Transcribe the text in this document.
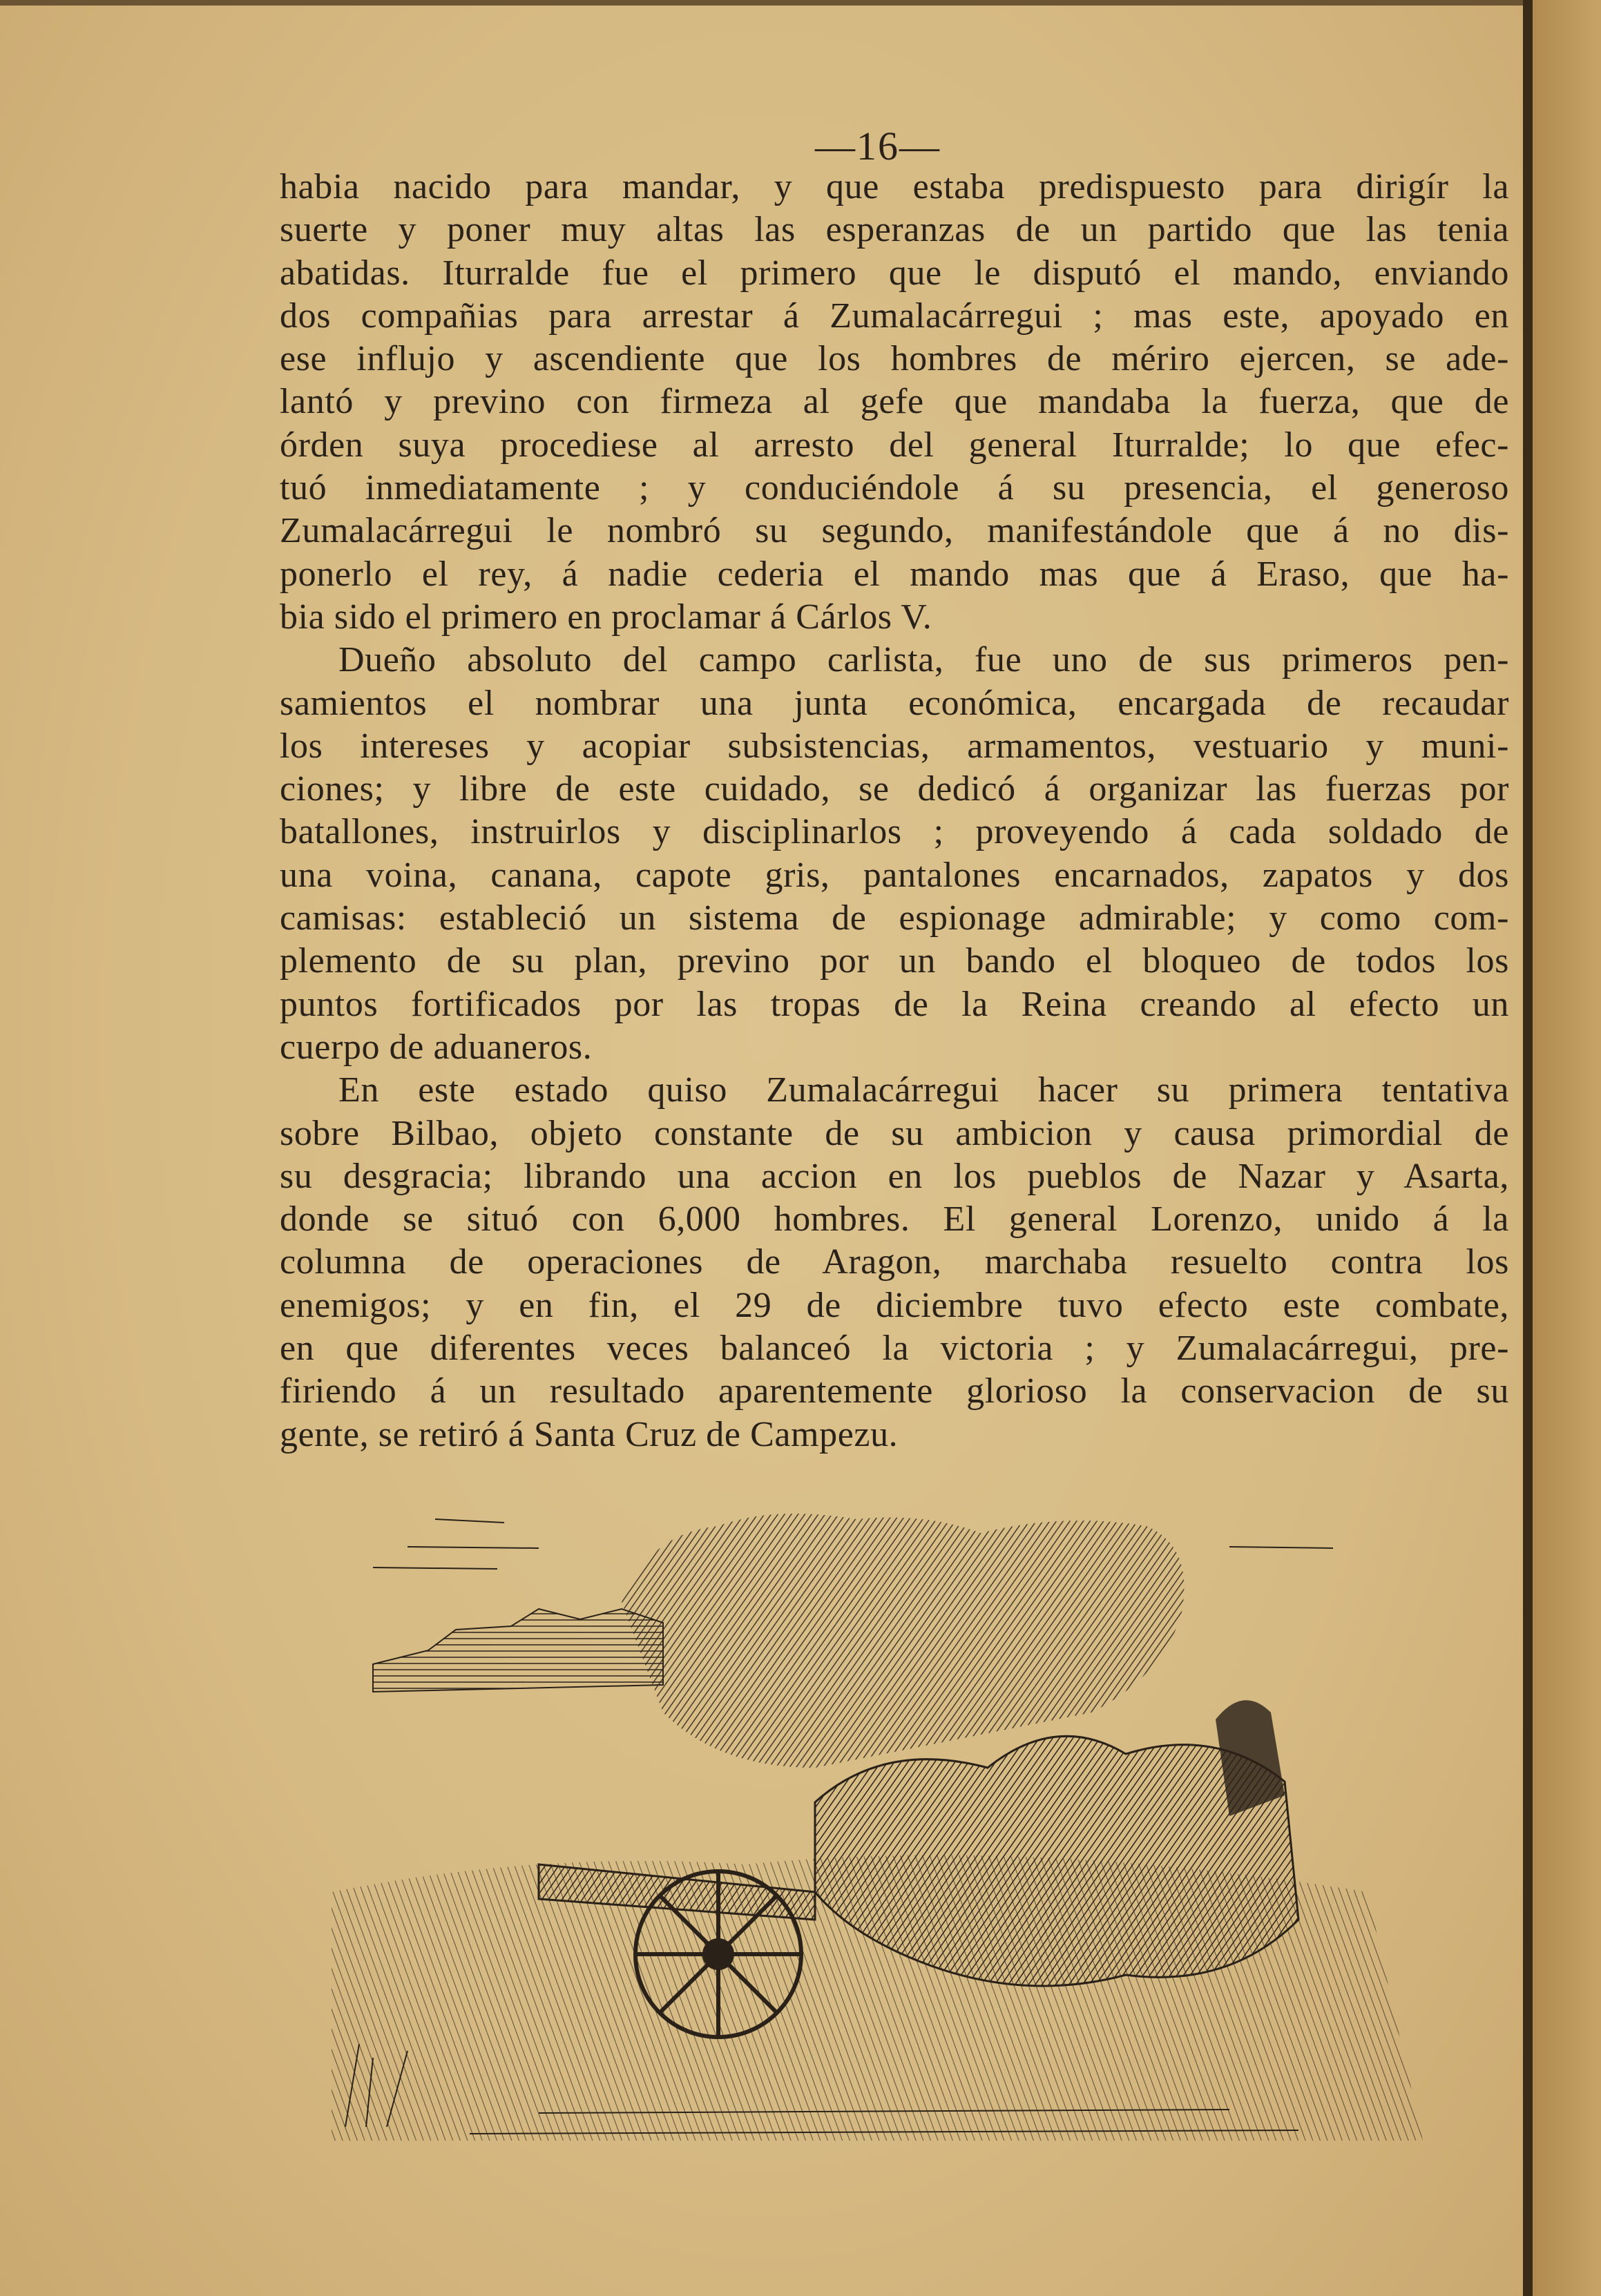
—16—
habia nacido para mandar, y que estaba predispuesto para dirigír la
suerte y poner muy altas las esperanzas de un partido que las tenia
abatidas. Iturralde fue el primero que le disputó el mando, enviando
dos compañias para arrestar á Zumalacárregui ; mas este, apoyado en
ese influjo y ascendiente que los hombres de mériro ejercen, se ade-
lantó y previno con firmeza al gefe que mandaba la fuerza, que de
órden suya procediese al arresto del general Iturralde; lo que efec-
tuó inmediatamente ; y conduciéndole á su presencia, el generoso
Zumalacárregui le nombró su segundo, manifestándole que á no dis-
ponerlo el rey, á nadie cederia el mando mas que á Eraso, que ha-
bia sido el primero en proclamar á Cárlos V.
Dueño absoluto del campo carlista, fue uno de sus primeros pen-
samientos el nombrar una junta económica, encargada de recaudar
los intereses y acopiar subsistencias, armamentos, vestuario y muni-
ciones; y libre de este cuidado, se dedicó á organizar las fuerzas por
batallones, instruirlos y disciplinarlos ; proveyendo á cada soldado de
una voina, canana, capote gris, pantalones encarnados, zapatos y dos
camisas: estableció un sistema de espionage admirable; y como com-
plemento de su plan, previno por un bando el bloqueo de todos los
puntos fortificados por las tropas de la Reina creando al efecto un
cuerpo de aduaneros.
En este estado quiso Zumalacárregui hacer su primera tentativa
sobre Bilbao, objeto constante de su ambicion y causa primordial de
su desgracia; librando una accion en los pueblos de Nazar y Asarta,
donde se situó con 6,000 hombres. El general Lorenzo, unido á la
columna de operaciones de Aragon, marchaba resuelto contra los
enemigos; y en fin, el 29 de diciembre tuvo efecto este combate,
en que diferentes veces balanceó la victoria ; y Zumalacárregui, pre-
firiendo á un resultado aparentemente glorioso la conservacion de su
gente, se retiró á Santa Cruz de Campezu.
